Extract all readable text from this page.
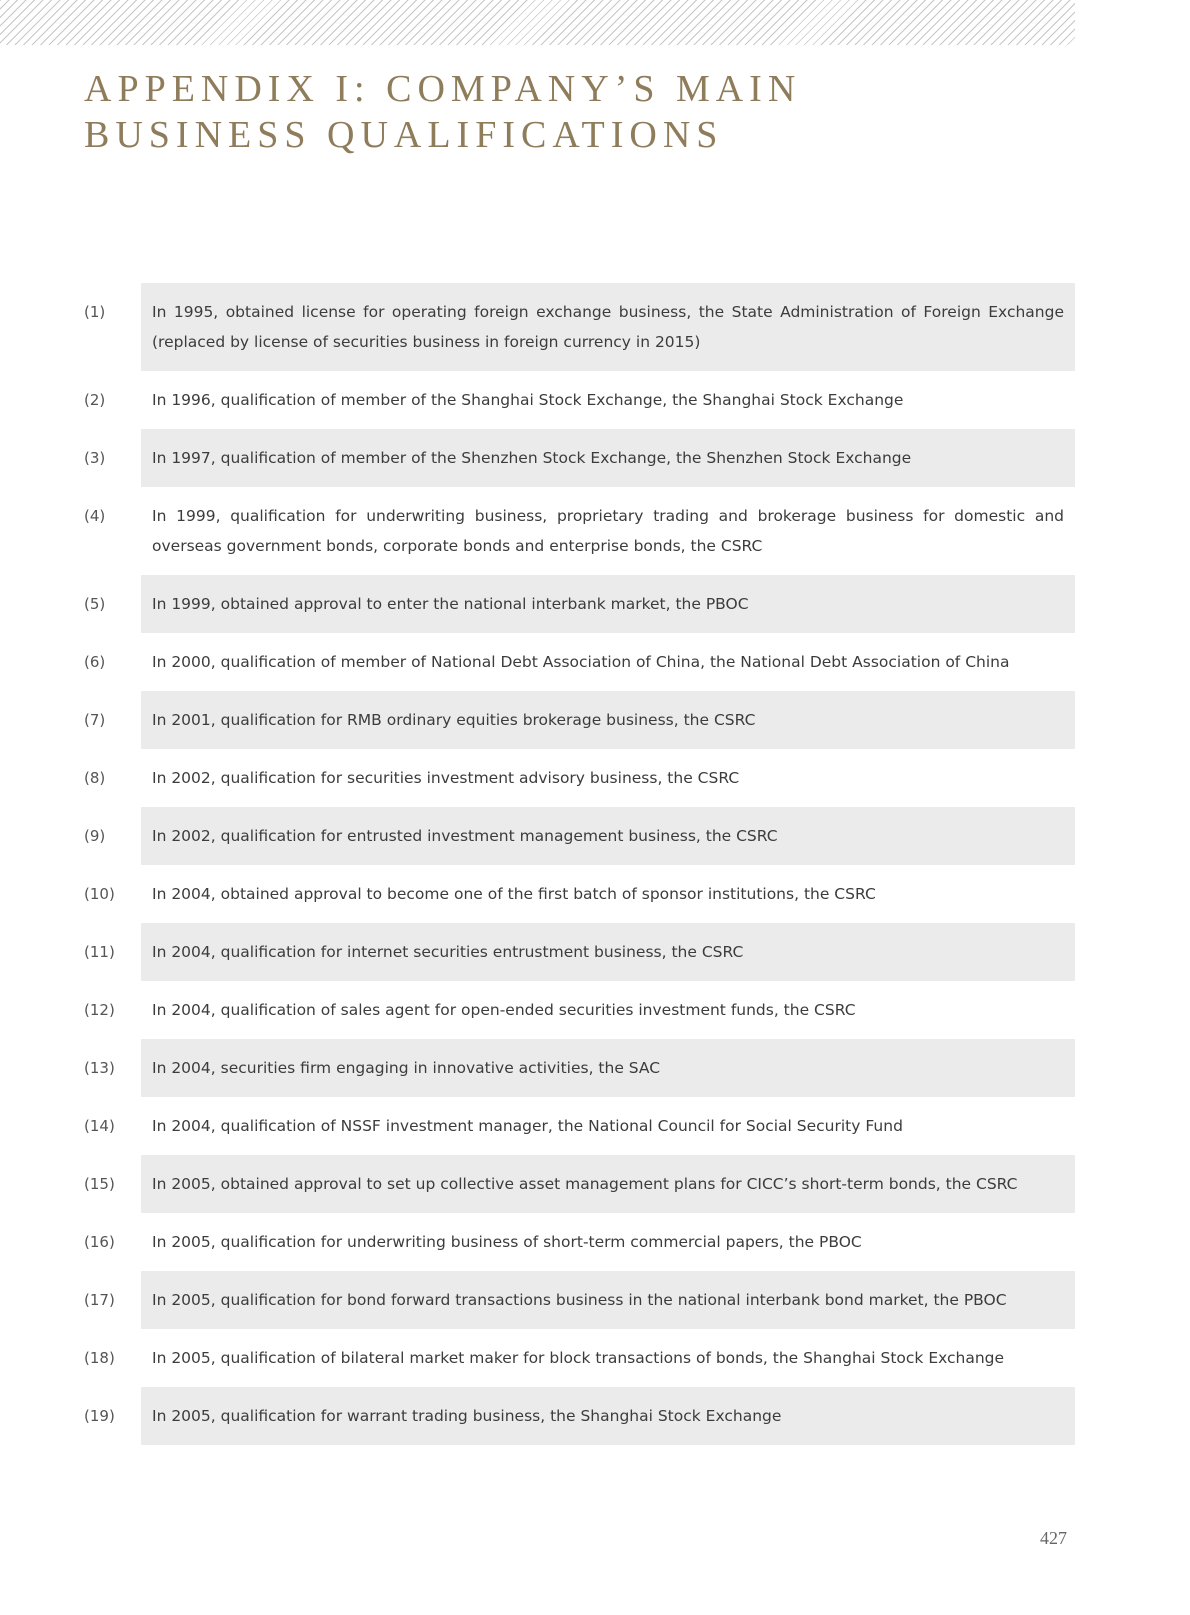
APPENDIX I: COMPANY’S MAIN BUSINESS QUALIFICATIONS
(1)	In 1995, obtained license for operating foreign exchange business, the State Administration of Foreign Exchange (replaced by license of securities business in foreign currency in 2015)
(2)	In 1996, qualification of member of the Shanghai Stock Exchange, the Shanghai Stock Exchange
(3)	In 1997, qualification of member of the Shenzhen Stock Exchange, the Shenzhen Stock Exchange
(4)	In 1999, qualification for underwriting business, proprietary trading and brokerage business for domestic and overseas government bonds, corporate bonds and enterprise bonds, the CSRC
(5)	In 1999, obtained approval to enter the national interbank market, the PBOC
(6)	In 2000, qualification of member of National Debt Association of China, the National Debt Association of China
(7)	In 2001, qualification for RMB ordinary equities brokerage business, the CSRC
(8)	In 2002, qualification for securities investment advisory business, the CSRC
(9)	In 2002, qualification for entrusted investment management business, the CSRC
(10) In 2004, obtained approval to become one of the first batch of sponsor institutions, the CSRC
(11) In 2004, qualification for internet securities entrustment business, the CSRC
(12) In 2004, qualification of sales agent for open-ended securities investment funds, the CSRC
(13) In 2004, securities firm engaging in innovative activities, the SAC
(14) In 2004, qualification of NSSF investment manager, the National Council for Social Security Fund
(15) In 2005, obtained approval to set up collective asset management plans for CICC’s short-term bonds, the CSRC
(16) In 2005, qualification for underwriting business of short-term commercial papers, the PBOC
(17) In 2005, qualification for bond forward transactions business in the national interbank bond market, the PBOC
(18) In 2005, qualification of bilateral market maker for block transactions of bonds, the Shanghai Stock Exchange
(19) In 2005, qualification for warrant trading business, the Shanghai Stock Exchange
427
